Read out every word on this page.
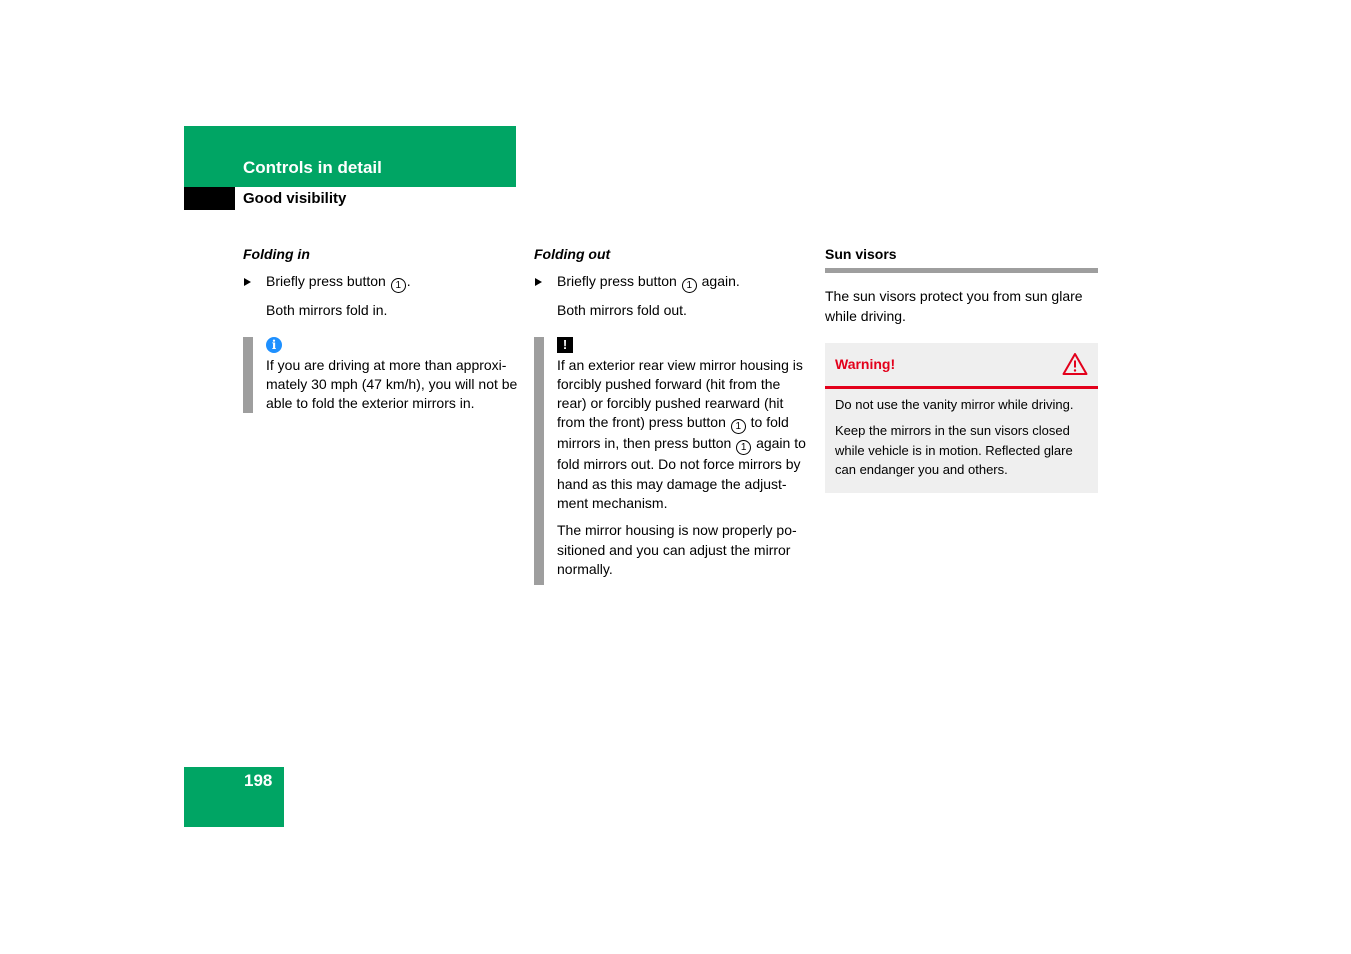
Controls in detail
Good visibility
Folding in
Briefly press button 1 .
Both mirrors fold in.
i

If you are driving at more than approxi-mately 30 mph (47 km/h), you will not be able to fold the exterior mirrors in.

Folding out
Briefly press button 1 again.
Both mirrors fold out.
!

If an exterior rear view mirror housing is forcibly pushed forward (hit from the rear) or forcibly pushed rearward (hit from the front) press button 1 to fold mirrors in, then press button 1 again to fold mirrors out. Do not force mirrors by hand as this may damage the adjust-ment mechanism.

The mirror housing is now properly po-sitioned and you can adjust the mirror normally.

Sun visors
The sun visors protect you from sun glare while driving.
Warning!

Do not use the vanity mirror while driving.

Keep the mirrors in the sun visors closed while vehicle is in motion. Reflected glare can endanger you and others.

198
